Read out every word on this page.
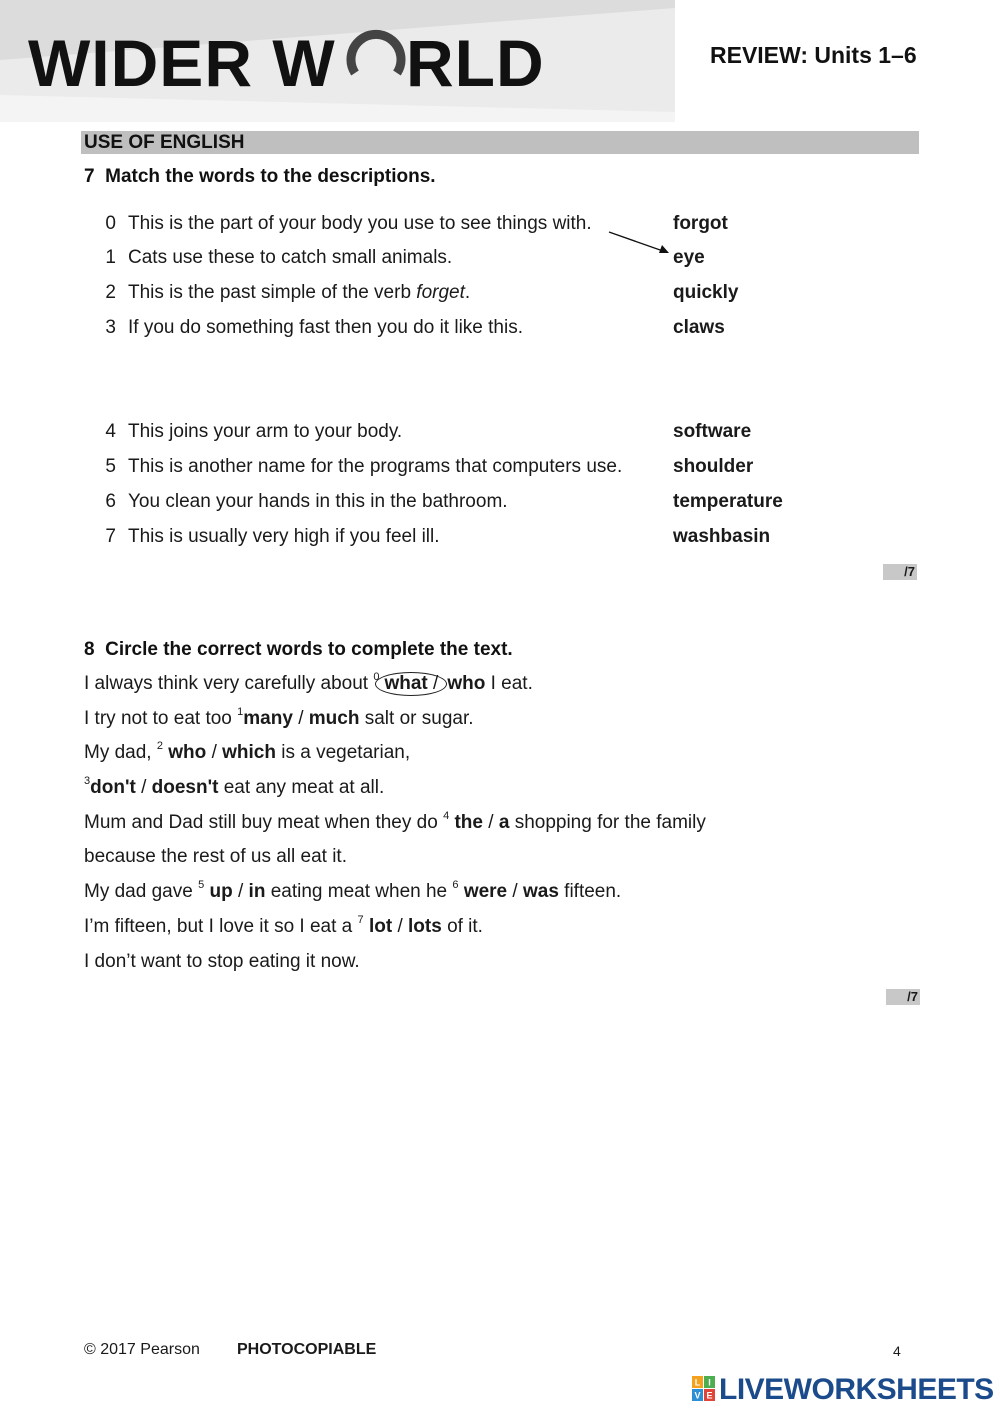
WIDER W RLD	REVIEW: Units 1–6
USE OF ENGLISH
7 Match the words to the descriptions.
0 This is the part of your body you use to see things with.	forgot
1 Cats use these to catch small animals.	eye
2 This is the past simple of the verb forget.	quickly
3 If you do something fast then you do it like this.	claws
4 This joins your arm to your body.	software
5 This is another name for the programs that computers use.	shoulder
6 You clean your hands in this in the bathroom.	temperature
7 This is usually very high if you feel ill.	washbasin
/7
8 Circle the correct words to complete the text.
I always think very carefully about $^0$ what / who I eat.
I try not to eat too $^1$many / much salt or sugar.
My dad, $^2$ who / which is a vegetarian,
$^3$don't / doesn't eat any meat at all.
Mum and Dad still buy meat when they do $^4$ the / a shopping for the family
because the rest of us all eat it.
My dad gave $^5$ up / in eating meat when he $^6$ were / was fifteen.
I’m fifteen, but I love it so I eat a $^7$ lot / lots of it.
I don’t want to stop eating it now.
/7
© 2017 Pearson PHOTOCOPIABLE	4
L I
V E LIVEWORKSHEETS
